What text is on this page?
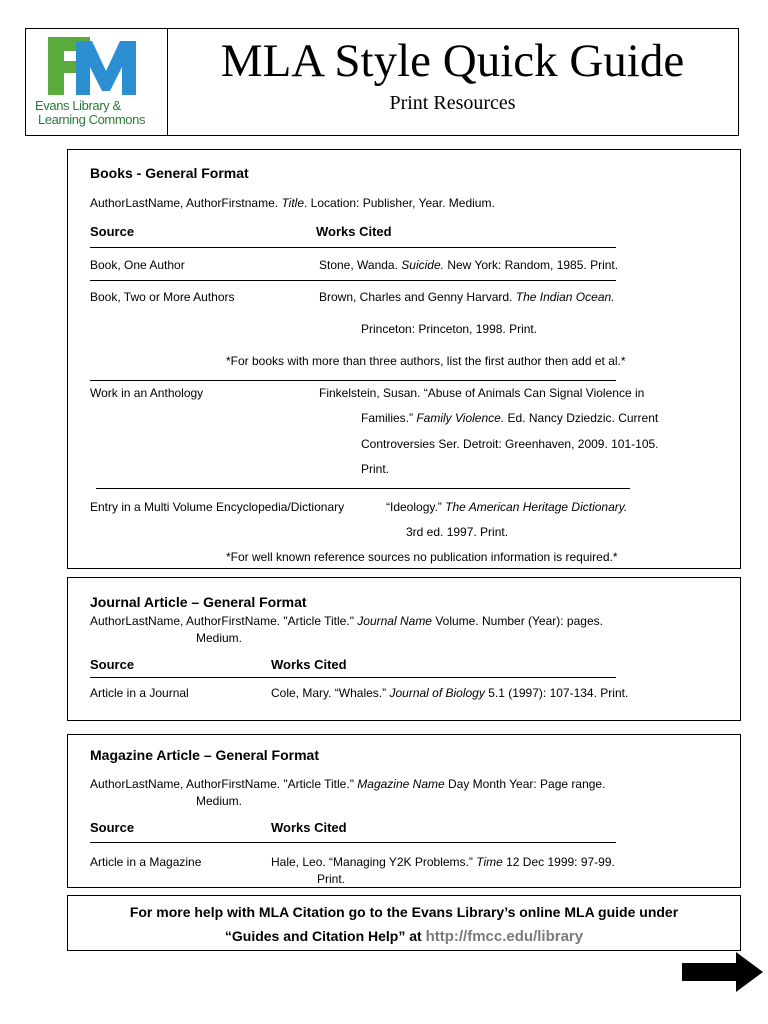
Evans Library &
Learning Commons
MLA Style Quick Guide
Print Resources
Books - General Format
AuthorLastName, AuthorFirstname. Title. Location: Publisher, Year. Medium.
Source	Works Cited
Book, One Author	Stone, Wanda. Suicide. New York: Random, 1985. Print.
Book, Two or More Authors	Brown, Charles and Genny Harvard. The Indian Ocean.
Princeton: Princeton, 1998. Print.
*For books with more than three authors, list the first author then add et al.*
Work in an Anthology	Finkelstein, Susan. “Abuse of Animals Can Signal Violence in
Families.” Family Violence. Ed. Nancy Dziedzic. Current
Controversies Ser. Detroit: Greenhaven, 2009. 101-105.
Print.
Entry in a Multi Volume Encyclopedia/Dictionary	“Ideology.” The American Heritage Dictionary.
3rd ed. 1997. Print.
*For well known reference sources no publication information is required.*
Journal Article – General Format
AuthorLastName, AuthorFirstName. "Article Title." Journal Name Volume. Number (Year): pages.
Medium.
Source	Works Cited
Article in a Journal	Cole, Mary. “Whales.” Journal of Biology 5.1 (1997): 107-134. Print.
Magazine Article – General Format
AuthorLastName, AuthorFirstName. "Article Title." Magazine Name Day Month Year: Page range.
Medium.
Source	Works Cited
Article in a Magazine	Hale, Leo. “Managing Y2K Problems.” Time 12 Dec 1999: 97-99.
Print.
For more help with MLA Citation go to the Evans Library’s online MLA guide under
“Guides and Citation Help” at http://fmcc.edu/library
